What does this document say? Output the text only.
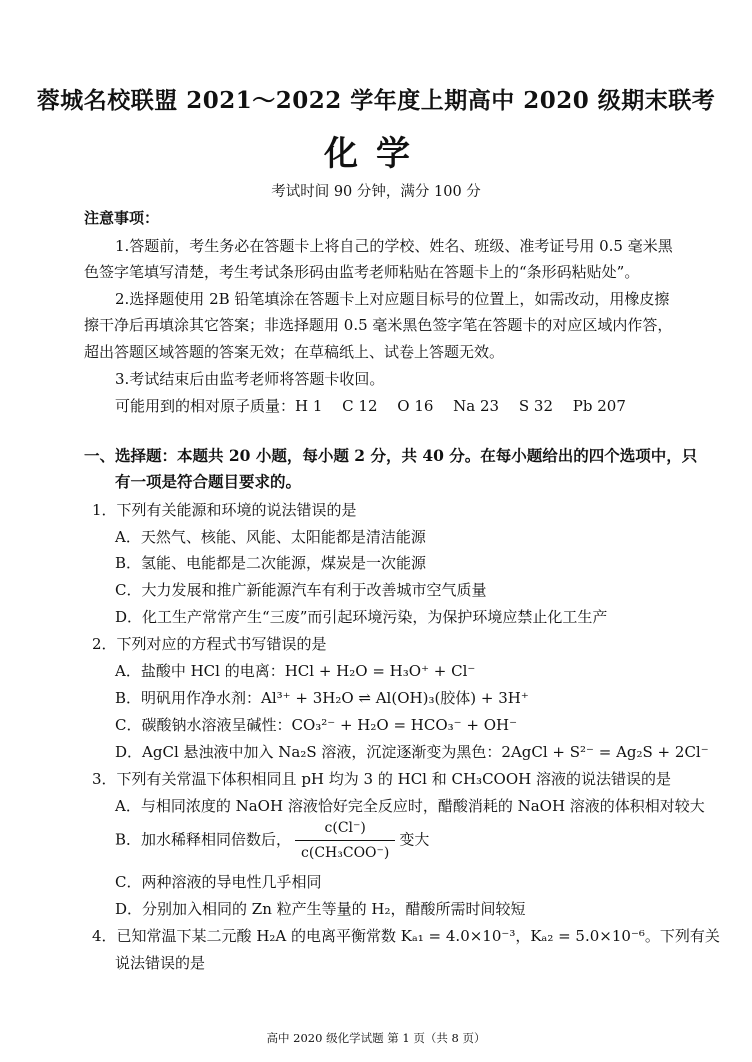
蓉城名校联盟 2021～2022 学年度上期高中 2020 级期末联考
化学
考试时间 90 分钟，满分 100 分
注意事项：
1.答题前，考生务必在答题卡上将自己的学校、姓名、班级、准考证号用 0.5 毫米黑
色签字笔填写清楚，考生考试条形码由监考老师粘贴在答题卡上的“条形码粘贴处”。
2.选择题使用 2B 铅笔填涂在答题卡上对应题目标号的位置上，如需改动，用橡皮擦
擦干净后再填涂其它答案；非选择题用 0.5 毫米黑色签字笔在答题卡的对应区域内作答，
超出答题区域答题的答案无效；在草稿纸上、试卷上答题无效。
3.考试结束后由监考老师将答题卡收回。
可能用到的相对原子质量：H 1　 C 12　 O 16　 Na 23　 S 32　 Pb 207
一、选择题：本题共 20 小题，每小题 2 分，共 40 分。在每小题给出的四个选项中，只
有一项是符合题目要求的。
1．下列有关能源和环境的说法错误的是
A．天然气、核能、风能、太阳能都是清洁能源
B．氢能、电能都是二次能源，煤炭是一次能源
C．大力发展和推广新能源汽车有利于改善城市空气质量
D．化工生产常常产生“三废”而引起环境污染，为保护环境应禁止化工生产
2．下列对应的方程式书写错误的是
A．盐酸中 HCl 的电离：HCl + H₂O = H₃O⁺ + Cl⁻
B．明矾用作净水剂：Al³⁺ + 3H₂O ⇌ Al(OH)₃(胶体) + 3H⁺
C．碳酸钠水溶液呈碱性：CO₃²⁻ + H₂O = HCO₃⁻ + OH⁻
D．AgCl 悬浊液中加入 Na₂S 溶液，沉淀逐渐变为黑色：2AgCl + S²⁻ = Ag₂S + 2Cl⁻
3．下列有关常温下体积相同且 pH 均为 3 的 HCl 和 CH₃COOH 溶液的说法错误的是
A．与相同浓度的 NaOH 溶液恰好完全反应时，醋酸消耗的 NaOH 溶液的体积相对较大
B．加水稀释相同倍数后， $\frac{c(Cl^-)}{\text{c(CH₃COO⁻)}}$ 变大
C．两种溶液的导电性几乎相同
D．分别加入相同的 Zn 粒产生等量的 H₂，醋酸所需时间较短
4．已知常温下某二元酸 H₂A 的电离平衡常数 Kₐ₁ = 4.0×10⁻³，Kₐ₂ = 5.0×10⁻⁶。下列有关
说法错误的是
高中 2020 级化学试题 第 1 页（共 8 页）
